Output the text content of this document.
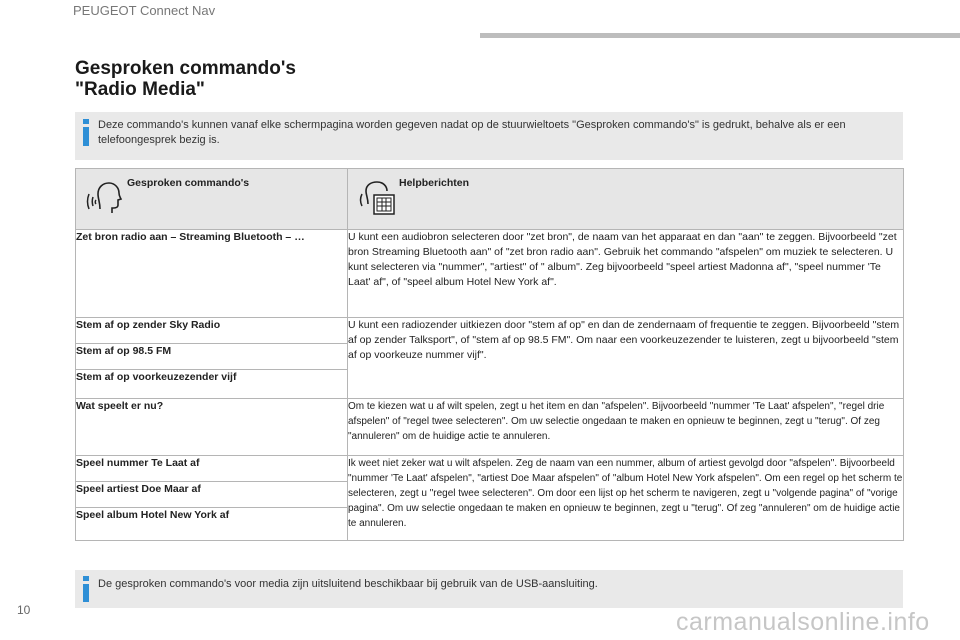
PEUGEOT Connect Nav
Gesproken commando's
"Radio Media"
Deze commando's kunnen vanaf elke schermpagina worden gegeven nadat op de stuurwieltoets "Gesproken commando's" is gedrukt, behalve als er een telefoongesprek bezig is.
Gesproken commando's	Helpberichten

Zet bron radio aan – Streaming Bluetooth – …	U kunt een audiobron selecteren door "zet bron", de naam van het apparaat en dan "aan" te zeggen. Bijvoorbeeld "zet bron Streaming Bluetooth aan" of "zet bron radio aan". Gebruik het commando "afspelen" om muziek te selecteren. U kunt selecteren via "nummer", "artiest" of " album". Zeg bijvoorbeeld "speel artiest Madonna af", "speel nummer 'Te Laat' af", of "speel album Hotel New York af".
Stem af op zender Sky Radio	U kunt een radiozender uitkiezen door "stem af op" en dan de zendernaam of frequentie te zeggen. Bijvoorbeeld "stem af op zender Talksport", of "stem af op 98.5 FM". Om naar een voorkeuzezender te luisteren, zegt u bijvoorbeeld "stem af op voorkeuze nummer vijf".
Stem af op 98.5 FM	
Stem af op voorkeuzezender vijf	
Wat speelt er nu?	Om te kiezen wat u af wilt spelen, zegt u het item en dan "afspelen". Bijvoorbeeld "nummer 'Te Laat' afspelen", "regel drie afspelen" of "regel twee selecteren". Om uw selectie ongedaan te maken en opnieuw te beginnen, zegt u "terug". Of zeg "annuleren" om de huidige actie te annuleren.
Speel nummer Te Laat af	Ik weet niet zeker wat u wilt afspelen. Zeg de naam van een nummer, album of artiest gevolgd door "afspelen". Bijvoorbeeld "nummer 'Te Laat' afspelen", "artiest Doe Maar afspelen" of "album Hotel New York afspelen". Om een regel op het scherm te selecteren, zegt u "regel twee selecteren". Om door een lijst op het scherm te navigeren, zegt u "volgende pagina" of "vorige pagina". Om uw selectie ongedaan te maken en opnieuw te beginnen, zegt u "terug". Of zeg "annuleren" om de huidige actie te annuleren.
Speel artiest Doe Maar af	
Speel album Hotel New York af	
De gesproken commando's voor media zijn uitsluitend beschikbaar bij gebruik van de USB-aansluiting.
10	carmanualsonline.info
